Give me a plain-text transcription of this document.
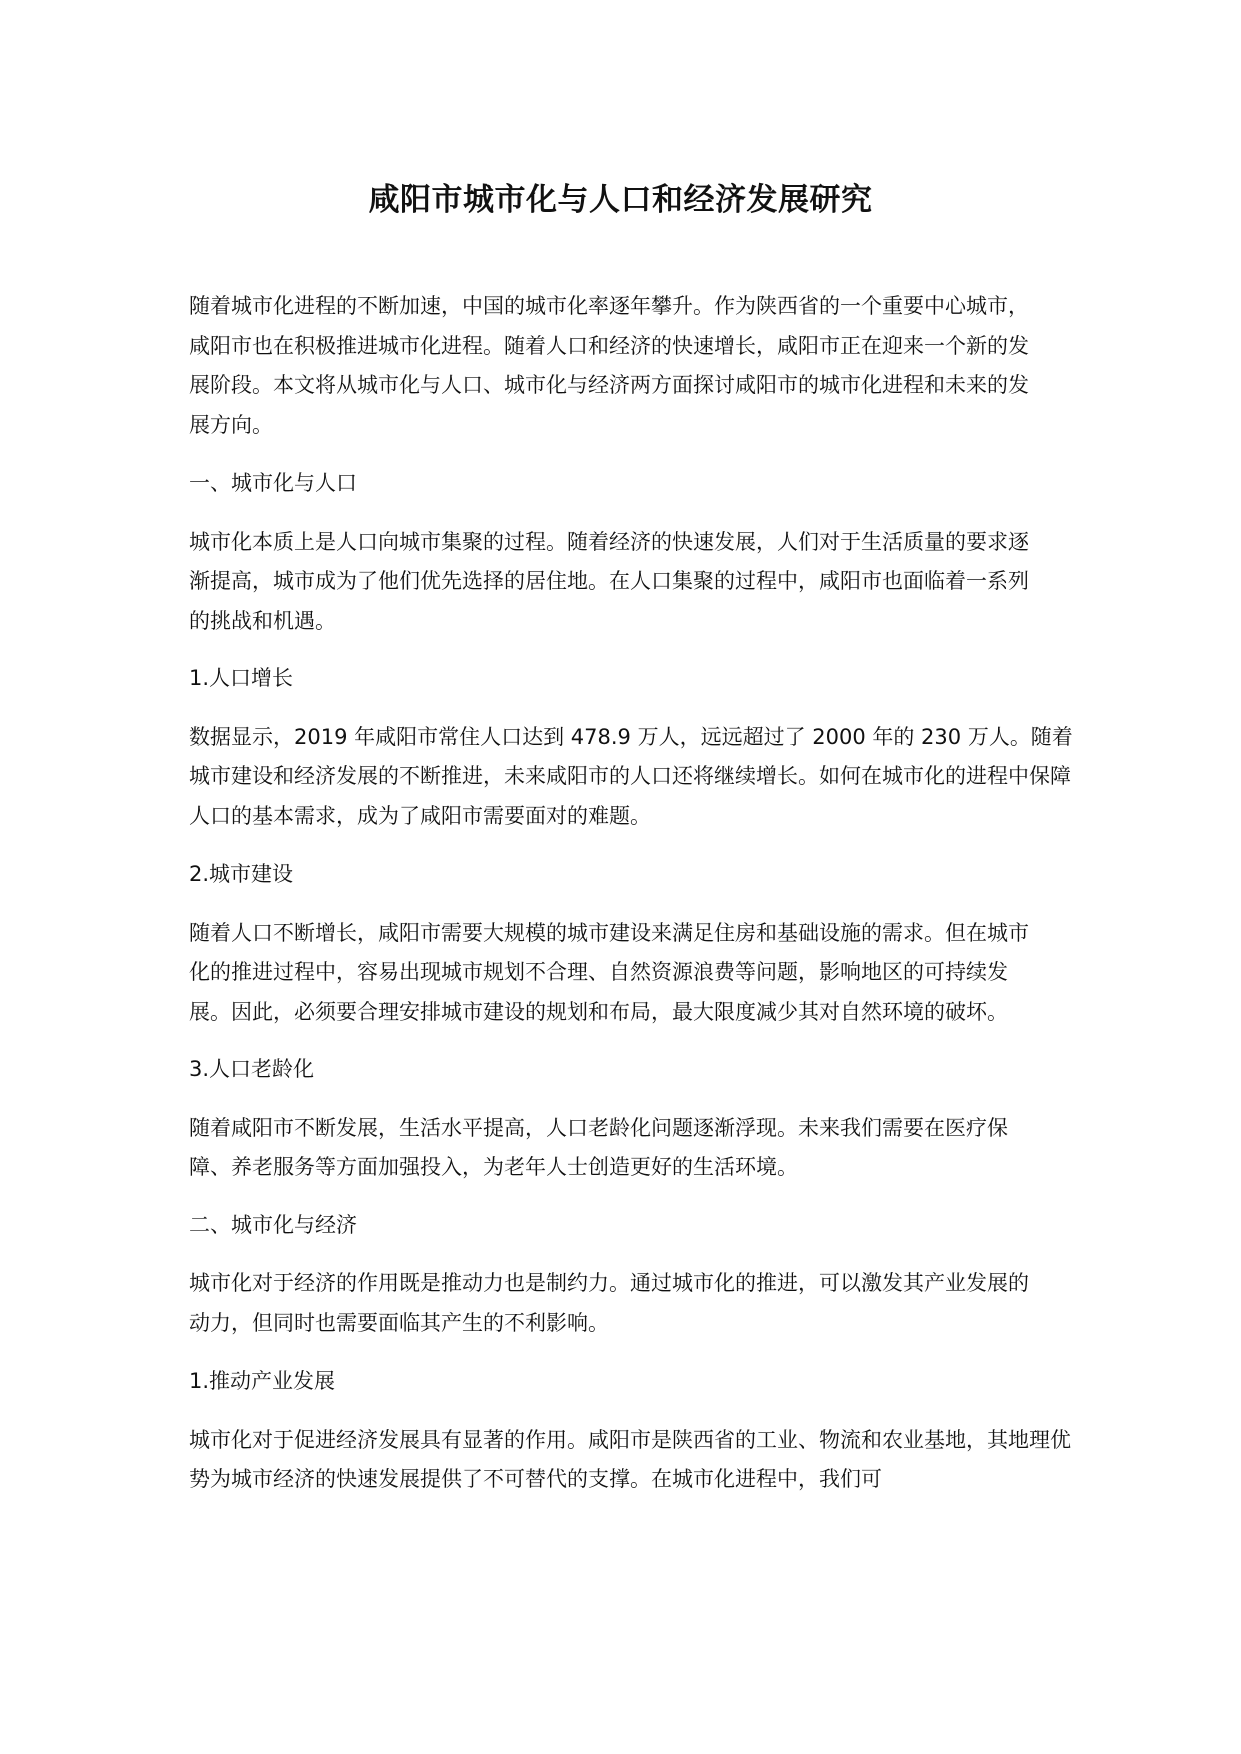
咸阳市城市化与人口和经济发展研究

随着城市化进程的不断加速，中国的城市化率逐年攀升。作为陕西省的一个重要中心城市，咸阳市也在积极推进城市化进程。随着人口和经济的快速增长，咸阳市正在迎来一个新的发展阶段。本文将从城市化与人口、城市化与经济两方面探讨咸阳市的城市化进程和未来的发展方向。

一、城市化与人口

城市化本质上是人口向城市集聚的过程。随着经济的快速发展，人们对于生活质量的要求逐渐提高，城市成为了他们优先选择的居住地。在人口集聚的过程中，咸阳市也面临着一系列的挑战和机遇。

1.人口增长

数据显示，2019 年咸阳市常住人口达到 478.9 万人，远远超过了 2000 年的 230 万人。随着城市建设和经济发展的不断推进，未来咸阳市的人口还将继续增长。如何在城市化的进程中保障人口的基本需求，成为了咸阳市需要面对的难题。

2.城市建设

随着人口不断增长，咸阳市需要大规模的城市建设来满足住房和基础设施的需求。但在城市化的推进过程中，容易出现城市规划不合理、自然资源浪费等问题，影响地区的可持续发展。因此，必须要合理安排城市建设的规划和布局，最大限度减少其对自然环境的破坏。

3.人口老龄化

随着咸阳市不断发展，生活水平提高，人口老龄化问题逐渐浮现。未来我们需要在医疗保障、养老服务等方面加强投入，为老年人士创造更好的生活环境。

二、城市化与经济

城市化对于经济的作用既是推动力也是制约力。通过城市化的推进，可以激发其产业发展的动力，但同时也需要面临其产生的不利影响。

1.推动产业发展

城市化对于促进经济发展具有显著的作用。咸阳市是陕西省的工业、物流和农业基地，其地理优势为城市经济的快速发展提供了不可替代的支撑。在城市化进程中，我们可
